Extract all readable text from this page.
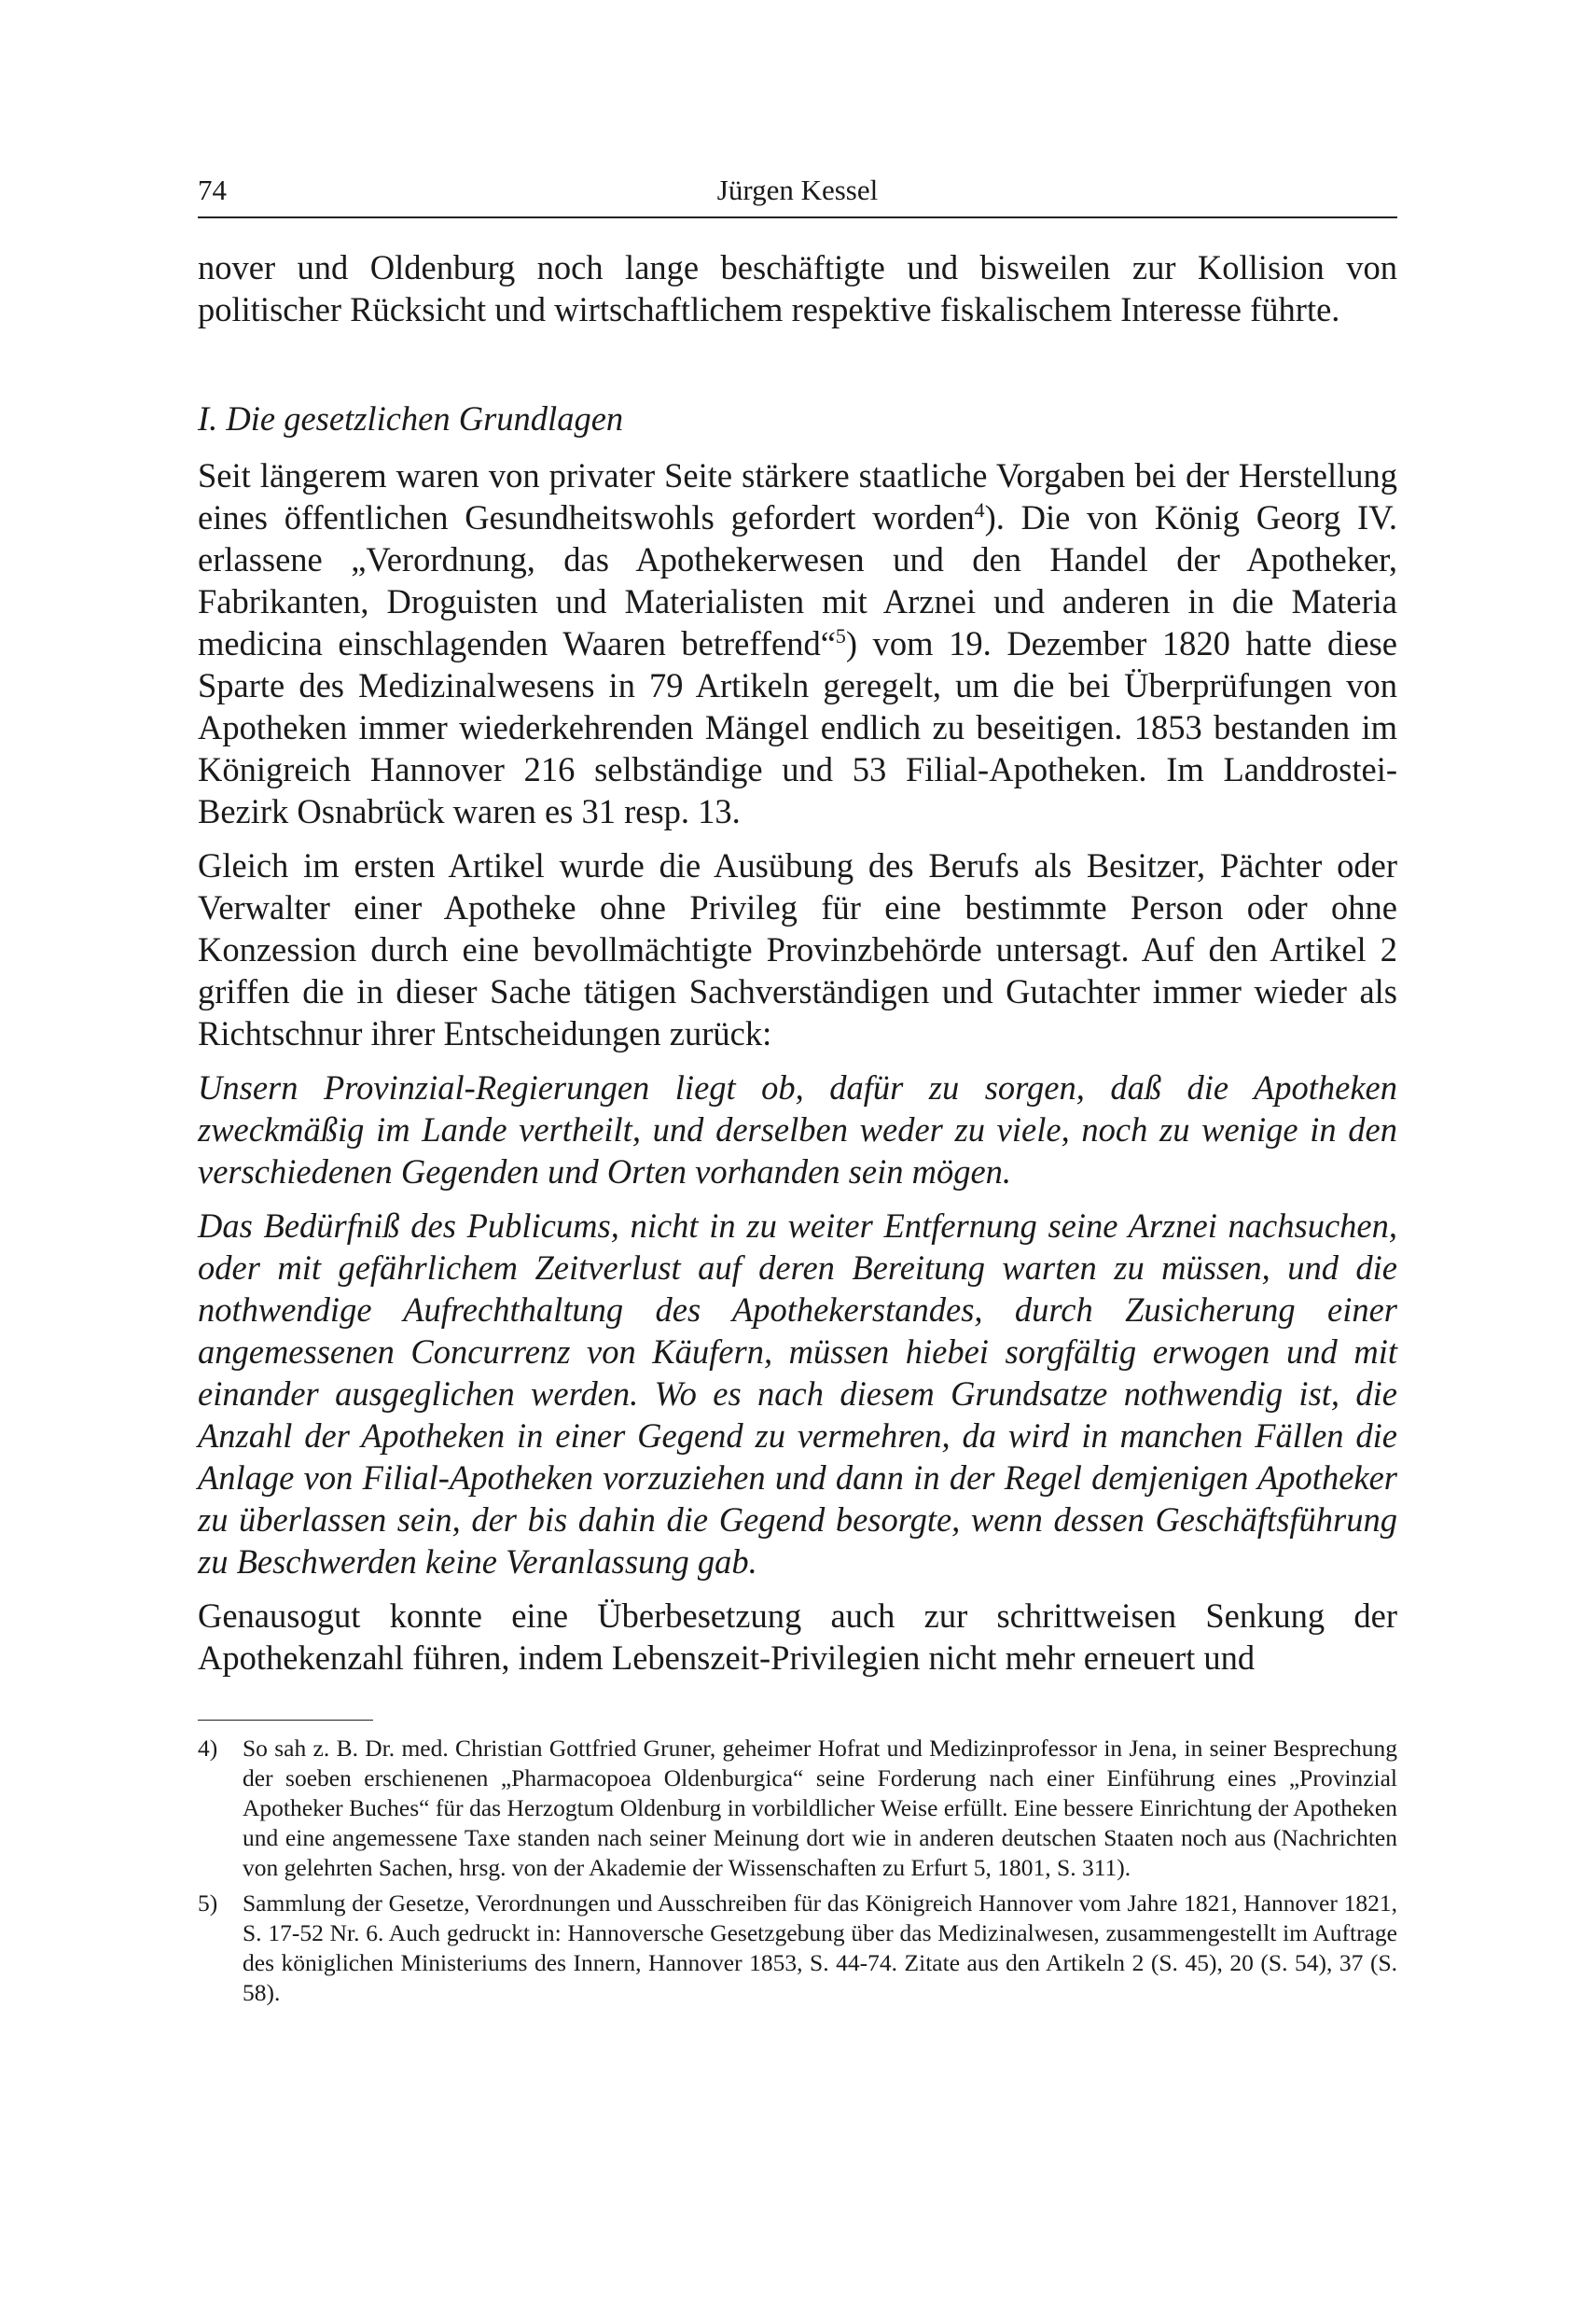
74	Jürgen Kessel

nover und Oldenburg noch lange beschäftigte und bisweilen zur Kollision von politischer Rücksicht und wirtschaftlichem respektive fiskalischem Interesse führte.

I. Die gesetzlichen Grundlagen

Seit längerem waren von privater Seite stärkere staatliche Vorgaben bei der Herstellung eines öffentlichen Gesundheitswohls gefordert worden$^4$). Die von König Georg IV. erlassene „Verordnung, das Apothekerwesen und den Handel der Apotheker, Fabrikanten, Droguisten und Materialisten mit Arznei und anderen in die Materia medicina einschlagenden Waaren betreffend“$^5$) vom 19. Dezember 1820 hatte diese Sparte des Medizinalwesens in 79 Artikeln geregelt, um die bei Überprüfungen von Apotheken immer wiederkehrenden Mängel endlich zu beseitigen. 1853 bestanden im Königreich Hannover 216 selbständige und 53 Filial-Apotheken. Im Landdrostei-Bezirk Osnabrück waren es 31 resp. 13.

Gleich im ersten Artikel wurde die Ausübung des Berufs als Besitzer, Pächter oder Verwalter einer Apotheke ohne Privileg für eine bestimmte Person oder ohne Konzession durch eine bevollmächtigte Provinzbehörde untersagt. Auf den Artikel 2 griffen die in dieser Sache tätigen Sachverständigen und Gutachter immer wieder als Richtschnur ihrer Entscheidungen zurück:

Unsern Provinzial-Regierungen liegt ob, dafür zu sorgen, daß die Apotheken zweckmäßig im Lande vertheilt, und derselben weder zu viele, noch zu wenige in den verschiedenen Gegenden und Orten vorhanden sein mögen.

Das Bedürfniß des Publicums, nicht in zu weiter Entfernung seine Arznei nachsuchen, oder mit gefährlichem Zeitverlust auf deren Bereitung warten zu müssen, und die nothwendige Aufrechthaltung des Apothekerstandes, durch Zusicherung einer angemessenen Concurrenz von Käufern, müssen hiebei sorgfältig erwogen und mit einander ausgeglichen werden. Wo es nach diesem Grundsatze nothwendig ist, die Anzahl der Apotheken in einer Gegend zu vermehren, da wird in manchen Fällen die Anlage von Filial-Apotheken vorzuziehen und dann in der Regel demjenigen Apotheker zu überlassen sein, der bis dahin die Gegend besorgte, wenn dessen Geschäftsführung zu Beschwerden keine Veranlassung gab.

Genausogut konnte eine Überbesetzung auch zur schrittweisen Senkung der Apothekenzahl führen, indem Lebenszeit-Privilegien nicht mehr erneuert und

4) So sah z. B. Dr. med. Christian Gottfried Gruner, geheimer Hofrat und Medizinprofessor in Jena, in seiner Besprechung der soeben erschienenen „Pharmacopoea Oldenburgica“ seine Forderung nach einer Einführung eines „Provinzial Apotheker Buches“ für das Herzogtum Oldenburg in vorbildlicher Weise erfüllt. Eine bessere Einrichtung der Apotheken und eine angemessene Taxe standen nach seiner Meinung dort wie in anderen deutschen Staaten noch aus (Nachrichten von gelehrten Sachen, hrsg. von der Akademie der Wissenschaften zu Erfurt 5, 1801, S. 311).

5) Sammlung der Gesetze, Verordnungen und Ausschreiben für das Königreich Hannover vom Jahre 1821, Hannover 1821, S. 17-52 Nr. 6. Auch gedruckt in: Hannoversche Gesetzgebung über das Medizinalwesen, zusammengestellt im Auftrage des königlichen Ministeriums des Innern, Hannover 1853, S. 44-74. Zitate aus den Artikeln 2 (S. 45), 20 (S. 54), 37 (S. 58).
